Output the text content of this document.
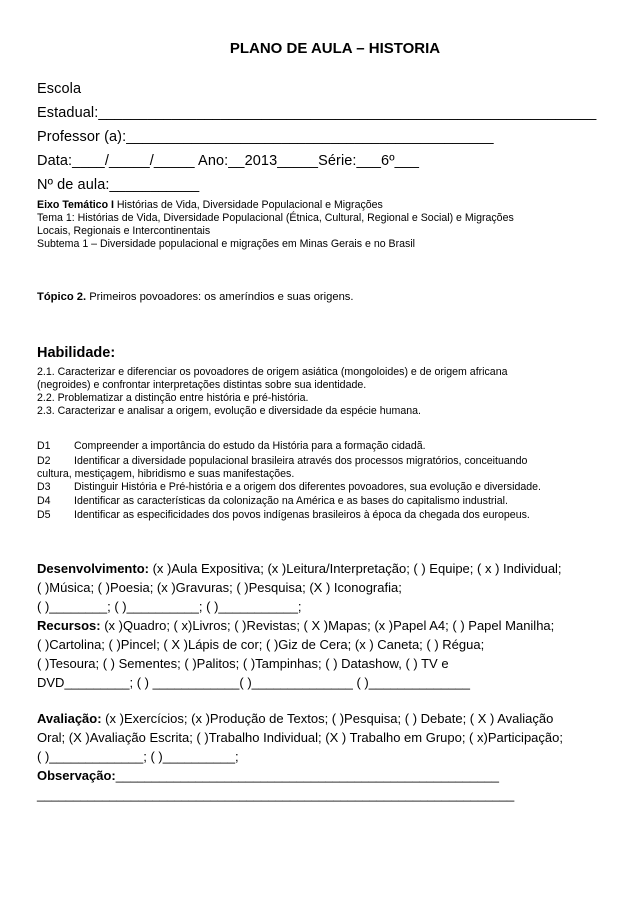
PLANO DE AULA – HISTORIA
Escola
Estadual:_____________________________________________________________
Professor (a):_____________________________________________
Data:____/_____/_____ Ano:__2013_____Série:___6º___
Nº de aula:___________
Eixo Temático I Histórias de Vida, Diversidade Populacional e Migrações
Tema 1: Histórias de Vida, Diversidade Populacional (Étnica, Cultural, Regional e Social) e Migrações
Locais, Regionais e Intercontinentais
Subtema 1 – Diversidade populacional e migrações em Minas Gerais e no Brasil
Tópico 2. Primeiros povoadores: os ameríndios e suas origens.
Habilidade:
2.1. Caracterizar e diferenciar os povoadores de origem asiática (mongoloides) e de origem africana
(negroides) e confrontar interpretações distintas sobre sua identidade.
2.2. Problematizar a distinção entre história e pré-história.
2.3. Caracterizar e analisar a origem, evolução e diversidade da espécie humana.
D1 Compreender a importância do estudo da História para a formação cidadã.
D2 Identificar a diversidade populacional brasileira através dos processos migratórios, conceituando
cultura, mestiçagem, hibridismo e suas manifestações.
D3 Distinguir História e Pré-história e a origem dos diferentes povoadores, sua evolução e diversidade.
D4 Identificar as características da colonização na América e as bases do capitalismo industrial.
D5 Identificar as especificidades dos povos indígenas brasileiros à época da chegada dos europeus.
Desenvolvimento: (x )Aula Expositiva; (x )Leitura/Interpretação; ( ) Equipe; ( x ) Individual;
( )Música; ( )Poesia; (x )Gravuras; ( )Pesquisa; (X ) Iconografia;
( )________; ( )__________; ( )___________;
Recursos: (x )Quadro; ( x)Livros; ( )Revistas; ( X )Mapas; (x )Papel A4; ( ) Papel Manilha;
( )Cartolina; ( )Pincel; ( X )Lápis de cor; ( )Giz de Cera; (x ) Caneta; ( ) Régua;
( )Tesoura; ( ) Sementes; ( )Palitos; ( )Tampinhas; ( ) Datashow, ( ) TV e
DVD_________; ( ) ____________( )______________ ( )______________
Avaliação: (x )Exercícios; (x )Produção de Textos; ( )Pesquisa; ( ) Debate; ( X ) Avaliação
Oral; (X )Avaliação Escrita; ( )Trabalho Individual; (X ) Trabalho em Grupo; ( x)Participação;
( )_____________; ( )__________;
Observação:_____________________________________________________
__________________________________________________________________
